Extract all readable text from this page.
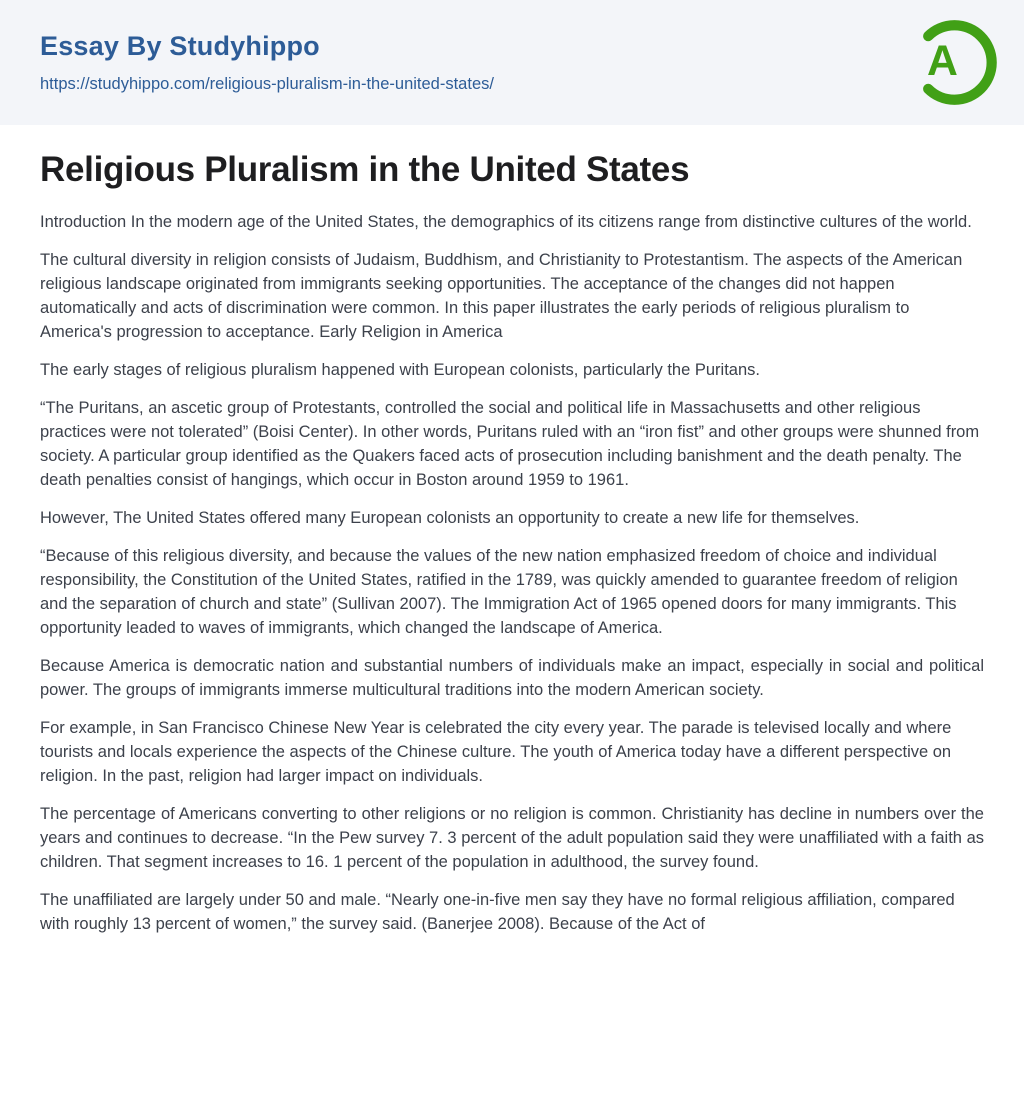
Essay By Studyhippo
https://studyhippo.com/religious-pluralism-in-the-united-states/	A
Religious Pluralism in the United States

Introduction In the modern age of the United States, the demographics of its citizens range from distinctive cultures of the world.

The cultural diversity in religion consists of Judaism, Buddhism, and Christianity to Protestantism. The aspects of the American religious landscape originated from immigrants seeking opportunities. The acceptance of the changes did not happen automatically and acts of discrimination were common. In this paper illustrates the early periods of religious pluralism to America's progression to acceptance. Early Religion in America

The early stages of religious pluralism happened with European colonists, particularly the Puritans.

“The Puritans, an ascetic group of Protestants, controlled the social and political life in Massachusetts and other religious practices were not tolerated” (Boisi Center). In other words, Puritans ruled with an “iron fist” and other groups were shunned from society. A particular group identified as the Quakers faced acts of prosecution including banishment and the death penalty. The death penalties consist of hangings, which occur in Boston around 1959 to 1961.

However, The United States offered many European colonists an opportunity to create a new life for themselves.

“Because of this religious diversity, and because the values of the new nation emphasized freedom of choice and individual responsibility, the Constitution of the United States, ratified in the 1789, was quickly amended to guarantee freedom of religion and the separation of church and state” (Sullivan 2007). The Immigration Act of 1965 opened doors for many immigrants. This opportunity leaded to waves of immigrants, which changed the landscape of America.

Because America is democratic nation and substantial numbers of individuals make an impact, especially in social and political power. The groups of immigrants immerse multicultural traditions into the modern American society.

For example, in San Francisco Chinese New Year is celebrated the city every year. The parade is televised locally and where tourists and locals experience the aspects of the Chinese culture. The youth of America today have a different perspective on religion. In the past, religion had larger impact on individuals.

The percentage of Americans converting to other religions or no religion is common. Christianity has decline in numbers over the years and continues to decrease. “In the Pew survey 7. 3 percent of the adult population said they were unaffiliated with a faith as children. That segment increases to 16. 1 percent of the population in adulthood, the survey found.

The unaffiliated are largely under 50 and male. “Nearly one-in-five men say they have no formal religious affiliation, compared with roughly 13 percent of women,” the survey said. (Banerjee 2008). Because of the Act of
